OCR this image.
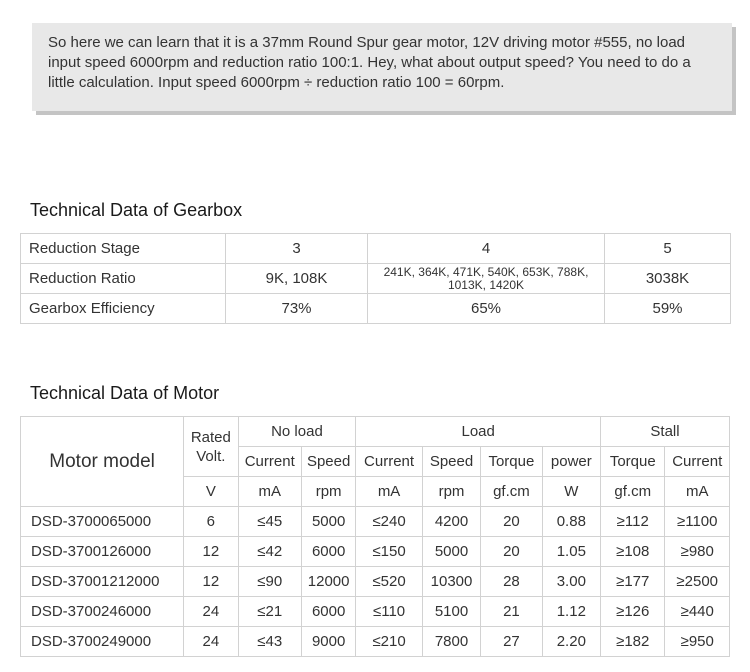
So here we can learn that it is a 37mm Round Spur gear motor, 12V driving motor #555, no load input speed 6000rpm and reduction ratio 100:1. Hey, what about output speed? You need to do a little calculation. Input speed 6000rpm ÷ reduction ratio 100 = 60rpm.
Technical Data of Gearbox
Reduction Stage	3	4	5
Reduction Ratio	9K, 108K	241K, 364K, 471K, 540K, 653K, 788K, 1013K, 1420K	3038K
Gearbox Efficiency	73%	65%	59%
Technical Data of Motor
Motor model	Rated Volt.	No load		Load				Stall	
		Current	Speed	Current	Speed	Torque	power	Torque	Current
	V	mA	rpm	mA	rpm	gf.cm	W	gf.cm	mA
DSD-3700065000	6	≤45	5000	≤240	4200	20	0.88	≥112	≥1100
DSD-3700126000	12	≤42	6000	≤150	5000	20	1.05	≥108	≥980
DSD-37001212000	12	≤90	12000	≤520	10300	28	3.00	≥177	≥2500
DSD-3700246000	24	≤21	6000	≤110	5100	21	1.12	≥126	≥440
DSD-3700249000	24	≤43	9000	≤210	7800	27	2.20	≥182	≥950
